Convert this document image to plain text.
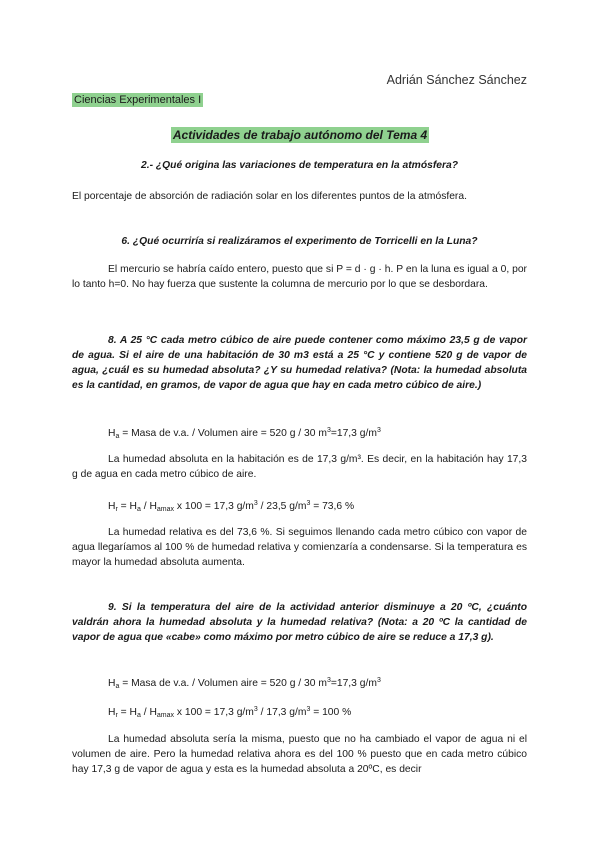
Adrián Sánchez Sánchez
Ciencias Experimentales I
Actividades de trabajo autónomo del Tema 4
2.- ¿Qué origina las variaciones de temperatura en la atmósfera?
El porcentaje de absorción de radiación solar en los diferentes puntos de la atmósfera.
6. ¿Qué ocurriría si realizáramos el experimento de Torricelli en la Luna?
El mercurio se habría caído entero, puesto que si P = d · g · h. P en la luna es igual a 0, por lo tanto h=0. No hay fuerza que sustente la columna de mercurio por lo que se desbordara.
8. A 25 °C cada metro cúbico de aire puede contener como máximo 23,5 g de vapor de agua. Si el aire de una habitación de 30 m3 está a 25 °C y contiene 520 g de vapor de agua, ¿cuál es su humedad absoluta? ¿Y su humedad relativa? (Nota: la humedad absoluta es la cantidad, en gramos, de vapor de agua que hay en cada metro cúbico de aire.)
$H_a$ = Masa de v.a. / Volumen aire = 520 g / 30 $m^3=17,3$ $g/m^3$
La humedad absoluta en la habitación es de 17,3 g/m³. Es decir, en la habitación hay 17,3 g de agua en cada metro cúbico de aire.
$H_r = H_a / H_{amax}$ x 100 = 17,3 $g/m^3 / 23,5$ $g/m^3 = 73,6$ %
La humedad relativa es del 73,6 %. Si seguimos llenando cada metro cúbico con vapor de agua llegaríamos al 100 % de humedad relativa y comienzaría a condensarse. Si la temperatura es mayor la humedad absoluta aumenta.
9. Si la temperatura del aire de la actividad anterior disminuye a 20 ºC, ¿cuánto valdrán ahora la humedad absoluta y la humedad relativa? (Nota: a 20 ºC la cantidad de vapor de agua que «cabe» como máximo por metro cúbico de aire se reduce a 17,3 g).
$H_a$ = Masa de v.a. / Volumen aire = 520 g / 30 $m^3=17,3$ $g/m^3$
$H_r = H_a / H_{amax}$ x 100 = 17,3 $g/m^3 / 17,3$ $g/m^3 = 100$ %
La humedad absoluta sería la misma, puesto que no ha cambiado el vapor de agua ni el volumen de aire. Pero la humedad relativa ahora es del 100 % puesto que en cada metro cúbico hay 17,3 g de vapor de agua y esta es la humedad absoluta a 20ºC, es decir
